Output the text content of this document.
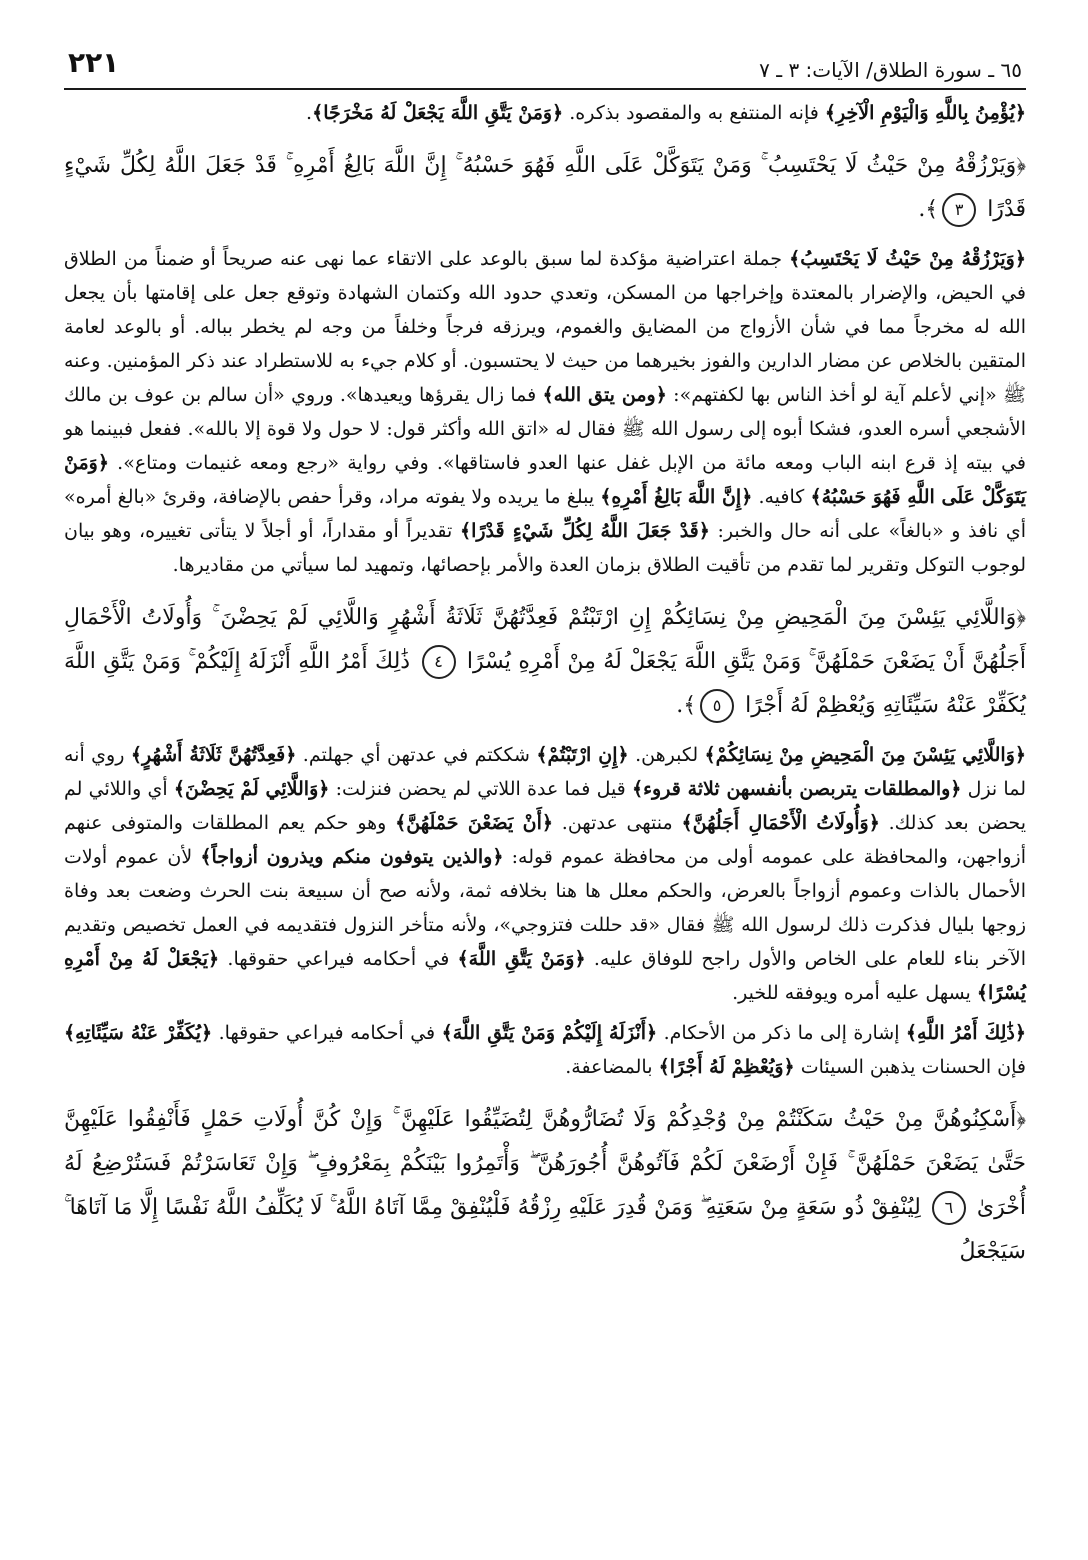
٢٢١	٦٥ ـ سورة الطلاق/ الآيات: ٣ ـ ٧

﴿يُؤْمِنُ بِاللَّهِ وَالْيَوْمِ الْآخِرِ﴾ فإنه المنتفع به والمقصود بذكره. ﴿وَمَنْ يَتَّقِ اللَّهَ يَجْعَلْ لَهُ مَخْرَجًا﴾.

﴿وَيَرْزُقْهُ مِنْ حَيْثُ لَا يَحْتَسِبُ ۚ وَمَنْ يَتَوَكَّلْ عَلَى اللَّهِ فَهُوَ حَسْبُهُ ۚ إِنَّ اللَّهَ بَالِغُ أَمْرِهِ ۚ قَدْ جَعَلَ اللَّهُ لِكُلِّ شَيْءٍ قَدْرًا ٣﴾.

﴿وَيَرْزُقْهُ مِنْ حَيْثُ لَا يَحْتَسِبُ﴾ جملة اعتراضية مؤكدة لما سبق بالوعد على الاتقاء عما نهى عنه صريحاً أو ضمناً من الطلاق في الحيض، والإضرار بالمعتدة وإخراجها من المسكن، وتعدي حدود الله وكتمان الشهادة وتوقع جعل على إقامتها بأن يجعل الله له مخرجاً مما في شأن الأزواج من المضايق والغموم، ويرزقه فرجاً وخلفاً من وجه لم يخطر بباله. أو بالوعد لعامة المتقين بالخلاص عن مضار الدارين والفوز بخيرهما من حيث لا يحتسبون. أو كلام جيء به للاستطراد عند ذكر المؤمنين. وعنه ﷺ «إني لأعلم آية لو أخذ الناس بها لكفتهم»: ﴿ومن يتق الله﴾ فما زال يقرؤها ويعيدها». وروي «أن سالم بن عوف بن مالك الأشجعي أسره العدو، فشكا أبوه إلى رسول الله ﷺ فقال له «اتق الله وأكثر قول: لا حول ولا قوة إلا بالله». ففعل فبينما هو في بيته إذ قرع ابنه الباب ومعه مائة من الإبل غفل عنها العدو فاستاقها». وفي رواية «رجع ومعه غنيمات ومتاع». ﴿وَمَنْ يَتَوَكَّلْ عَلَى اللَّهِ فَهُوَ حَسْبُهُ﴾ كافيه. ﴿إِنَّ اللَّهَ بَالِغُ أَمْرِهِ﴾ يبلغ ما يريده ولا يفوته مراد، وقرأ حفص بالإضافة، وقرئ «بالغ أمره» أي نافذ و «بالغاً» على أنه حال والخبر: ﴿قَدْ جَعَلَ اللَّهُ لِكُلِّ شَيْءٍ قَدْرًا﴾ تقديراً أو مقداراً، أو أجلاً لا يتأتى تغييره، وهو بيان لوجوب التوكل وتقرير لما تقدم من تأقيت الطلاق بزمان العدة والأمر بإحصائها، وتمهيد لما سيأتي من مقاديرها.

﴿وَاللَّائِي يَئِسْنَ مِنَ الْمَحِيضِ مِنْ نِسَائِكُمْ إِنِ ارْتَبْتُمْ فَعِدَّتُهُنَّ ثَلَاثَةُ أَشْهُرٍ وَاللَّائِي لَمْ يَحِضْنَ ۚ وَأُولَاتُ الْأَحْمَالِ أَجَلُهُنَّ أَنْ يَضَعْنَ حَمْلَهُنَّ ۚ وَمَنْ يَتَّقِ اللَّهَ يَجْعَلْ لَهُ مِنْ أَمْرِهِ يُسْرًا ٤ ذَٰلِكَ أَمْرُ اللَّهِ أَنْزَلَهُ إِلَيْكُمْ ۚ وَمَنْ يَتَّقِ اللَّهَ يُكَفِّرْ عَنْهُ سَيِّئَاتِهِ وَيُعْظِمْ لَهُ أَجْرًا ٥﴾.

﴿وَاللَّائِي يَئِسْنَ مِنَ الْمَحِيضِ مِنْ نِسَائِكُمْ﴾ لكبرهن. ﴿إِنِ ارْتَبْتُمْ﴾ شككتم في عدتهن أي جهلتم. ﴿فَعِدَّتُهُنَّ ثَلَاثَةُ أَشْهُرٍ﴾ روي أنه لما نزل ﴿والمطلقات يتربصن بأنفسهن ثلاثة قروء﴾ قيل فما عدة اللاتي لم يحضن فنزلت: ﴿وَاللَّائِي لَمْ يَحِضْنَ﴾ أي واللائي لم يحضن بعد كذلك. ﴿وَأُولَاتُ الْأَحْمَالِ أَجَلُهُنَّ﴾ منتهى عدتهن. ﴿أَنْ يَضَعْنَ حَمْلَهُنَّ﴾ وهو حكم يعم المطلقات والمتوفى عنهم أزواجهن، والمحافظة على عمومه أولى من محافظة عموم قوله: ﴿والذين يتوفون منكم ويذرون أزواجاً﴾ لأن عموم أولات الأحمال بالذات وعموم أزواجاً بالعرض، والحكم معلل ها هنا بخلافه ثمة، ولأنه صح أن سبيعة بنت الحرث وضعت بعد وفاة زوجها بليال فذكرت ذلك لرسول الله ﷺ فقال «قد حللت فتزوجي»، ولأنه متأخر النزول فتقديمه في العمل تخصيص وتقديم الآخر بناء للعام على الخاص والأول راجح للوفاق عليه. ﴿وَمَنْ يَتَّقِ اللَّهَ﴾ في أحكامه فيراعي حقوقها. ﴿يَجْعَلْ لَهُ مِنْ أَمْرِهِ يُسْرًا﴾ يسهل عليه أمره ويوفقه للخير.

﴿ذَٰلِكَ أَمْرُ اللَّهِ﴾ إشارة إلى ما ذكر من الأحكام. ﴿أَنْزَلَهُ إِلَيْكُمْ وَمَنْ يَتَّقِ اللَّهَ﴾ في أحكامه فيراعي حقوقها. ﴿يُكَفِّرْ عَنْهُ سَيِّئَاتِهِ﴾ فإن الحسنات يذهبن السيئات ﴿وَيُعْظِمْ لَهُ أَجْرًا﴾ بالمضاعفة.

﴿أَسْكِنُوهُنَّ مِنْ حَيْثُ سَكَنْتُمْ مِنْ وُجْدِكُمْ وَلَا تُضَارُّوهُنَّ لِتُضَيِّقُوا عَلَيْهِنَّ ۚ وَإِنْ كُنَّ أُولَاتِ حَمْلٍ فَأَنْفِقُوا عَلَيْهِنَّ حَتَّىٰ يَضَعْنَ حَمْلَهُنَّ ۚ فَإِنْ أَرْضَعْنَ لَكُمْ فَآتُوهُنَّ أُجُورَهُنَّ ۖ وَأْتَمِرُوا بَيْنَكُمْ بِمَعْرُوفٍ ۖ وَإِنْ تَعَاسَرْتُمْ فَسَتُرْضِعُ لَهُ أُخْرَىٰ ٦ لِيُنْفِقْ ذُو سَعَةٍ مِنْ سَعَتِهِ ۖ وَمَنْ قُدِرَ عَلَيْهِ رِزْقُهُ فَلْيُنْفِقْ مِمَّا آتَاهُ اللَّهُ ۚ لَا يُكَلِّفُ اللَّهُ نَفْسًا إِلَّا مَا آتَاهَا ۚ سَيَجْعَلُ
